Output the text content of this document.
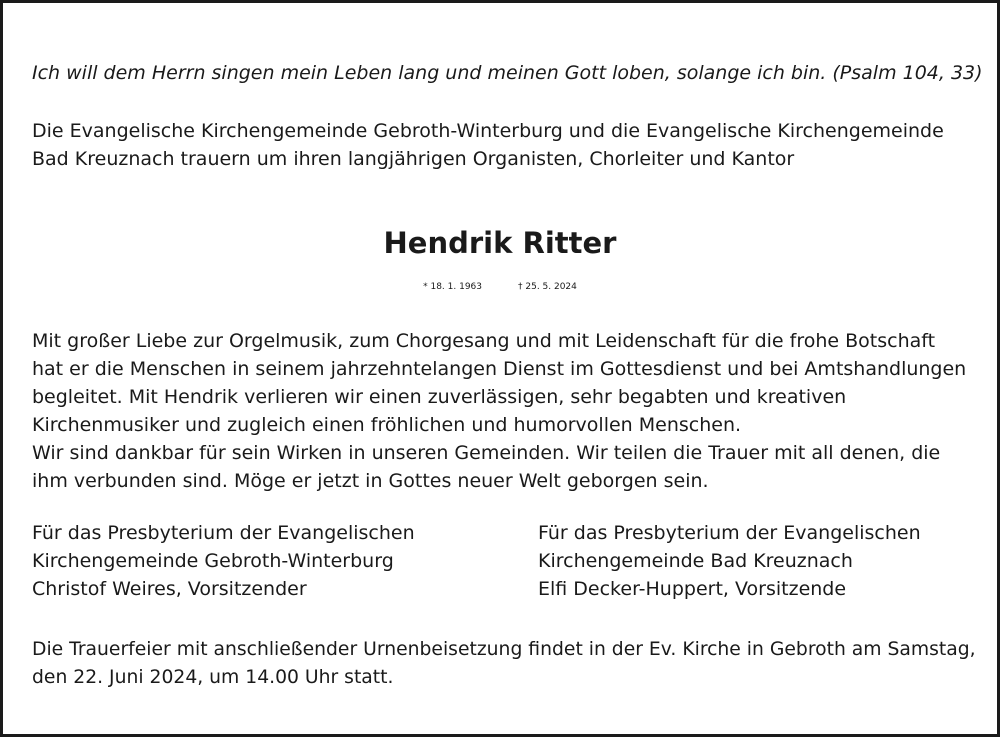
Ich will dem Herrn singen mein Leben lang und meinen Gott loben, solange ich bin. (Psalm 104, 33)
Die Evangelische Kirchengemeinde Gebroth-Winterburg und die Evangelische Kirchengemeinde
Bad Kreuznach trauern um ihren langjährigen Organisten, Chorleiter und Kantor
Hendrik Ritter
* 18. 1. 1963	† 25. 5. 2024
Mit großer Liebe zur Orgelmusik, zum Chorgesang und mit Leidenschaft für die frohe Botschaft
hat er die Menschen in seinem jahrzehntelangen Dienst im Gottesdienst und bei Amtshandlungen
begleitet. Mit Hendrik verlieren wir einen zuverlässigen, sehr begabten und kreativen
Kirchenmusiker und zugleich einen fröhlichen und humorvollen Menschen.
Wir sind dankbar für sein Wirken in unseren Gemeinden. Wir teilen die Trauer mit all denen, die
ihm verbunden sind. Möge er jetzt in Gottes neuer Welt geborgen sein.
Für das Presbyterium der Evangelischen
Kirchengemeinde Gebroth-Winterburg
Christof Weires, Vorsitzender
Für das Presbyterium der Evangelischen
Kirchengemeinde Bad Kreuznach
Elfi Decker-Huppert, Vorsitzende
Die Trauerfeier mit anschließender Urnenbeisetzung findet in der Ev. Kirche in Gebroth am Samstag,
den 22. Juni 2024, um 14.00 Uhr statt.
